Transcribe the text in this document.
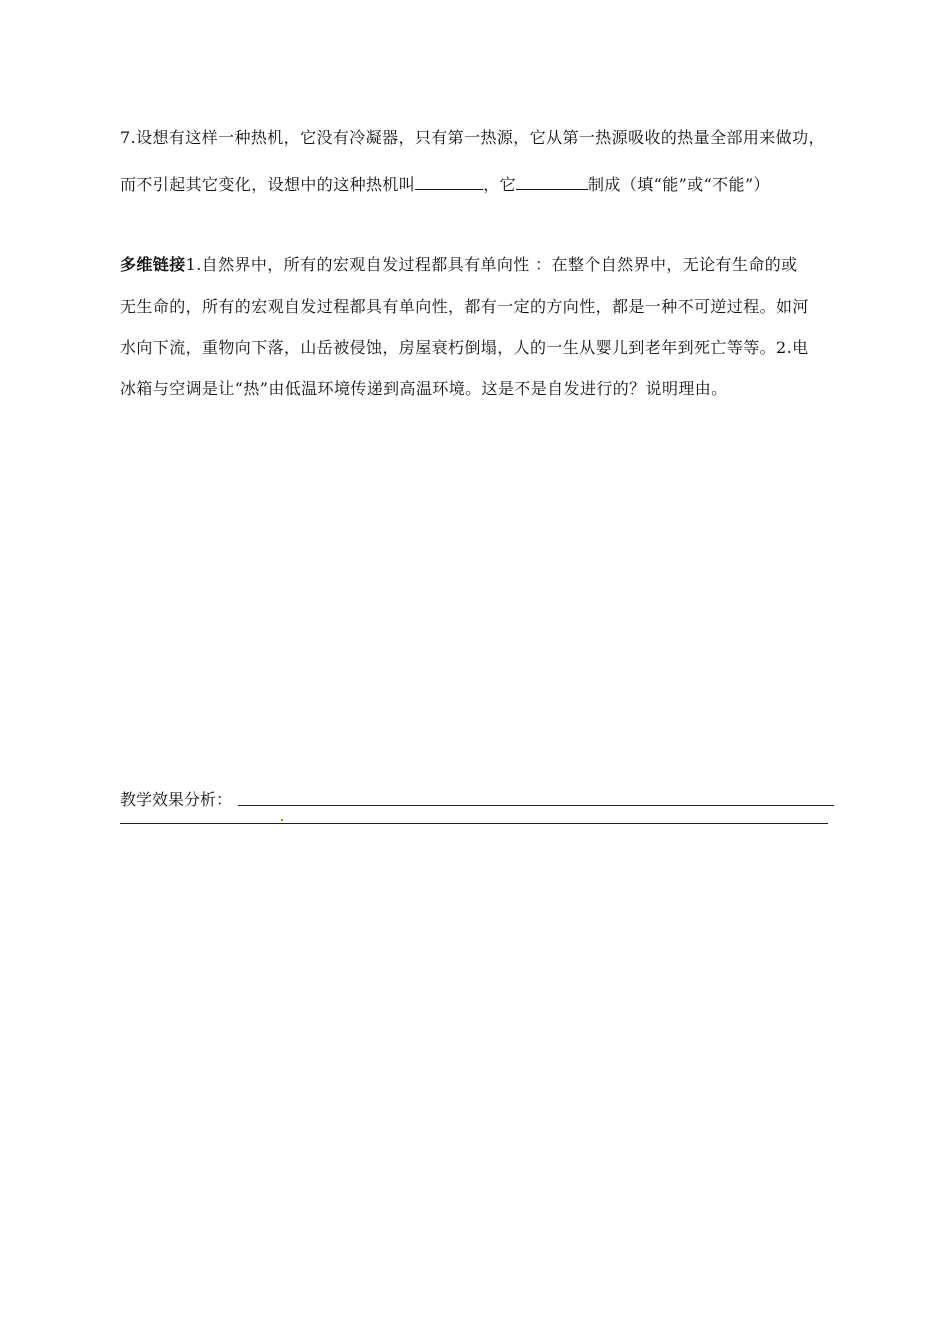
7.设想有这样一种热机，它没有冷凝器，只有第一热源，它从第一热源吸收的热量全部用来做功，
而不引起其它变化，设想中的这种热机叫	，它	制成（填“能”或“不能”）
多维链接1.自然界中，所有的宏观自发过程都具有单向性 ：在整个自然界中，无论有生命的或
无生命的，所有的宏观自发过程都具有单向性，都有一定的方向性，都是一种不可逆过程。如河
水向下流，重物向下落，山岳被侵蚀，房屋衰朽倒塌，人的一生从婴儿到老年到死亡等等。2.电
冰箱与空调是让“热”由低温环境传递到高温环境。这是不是自发进行的？说明理由。
教学效果分析：
